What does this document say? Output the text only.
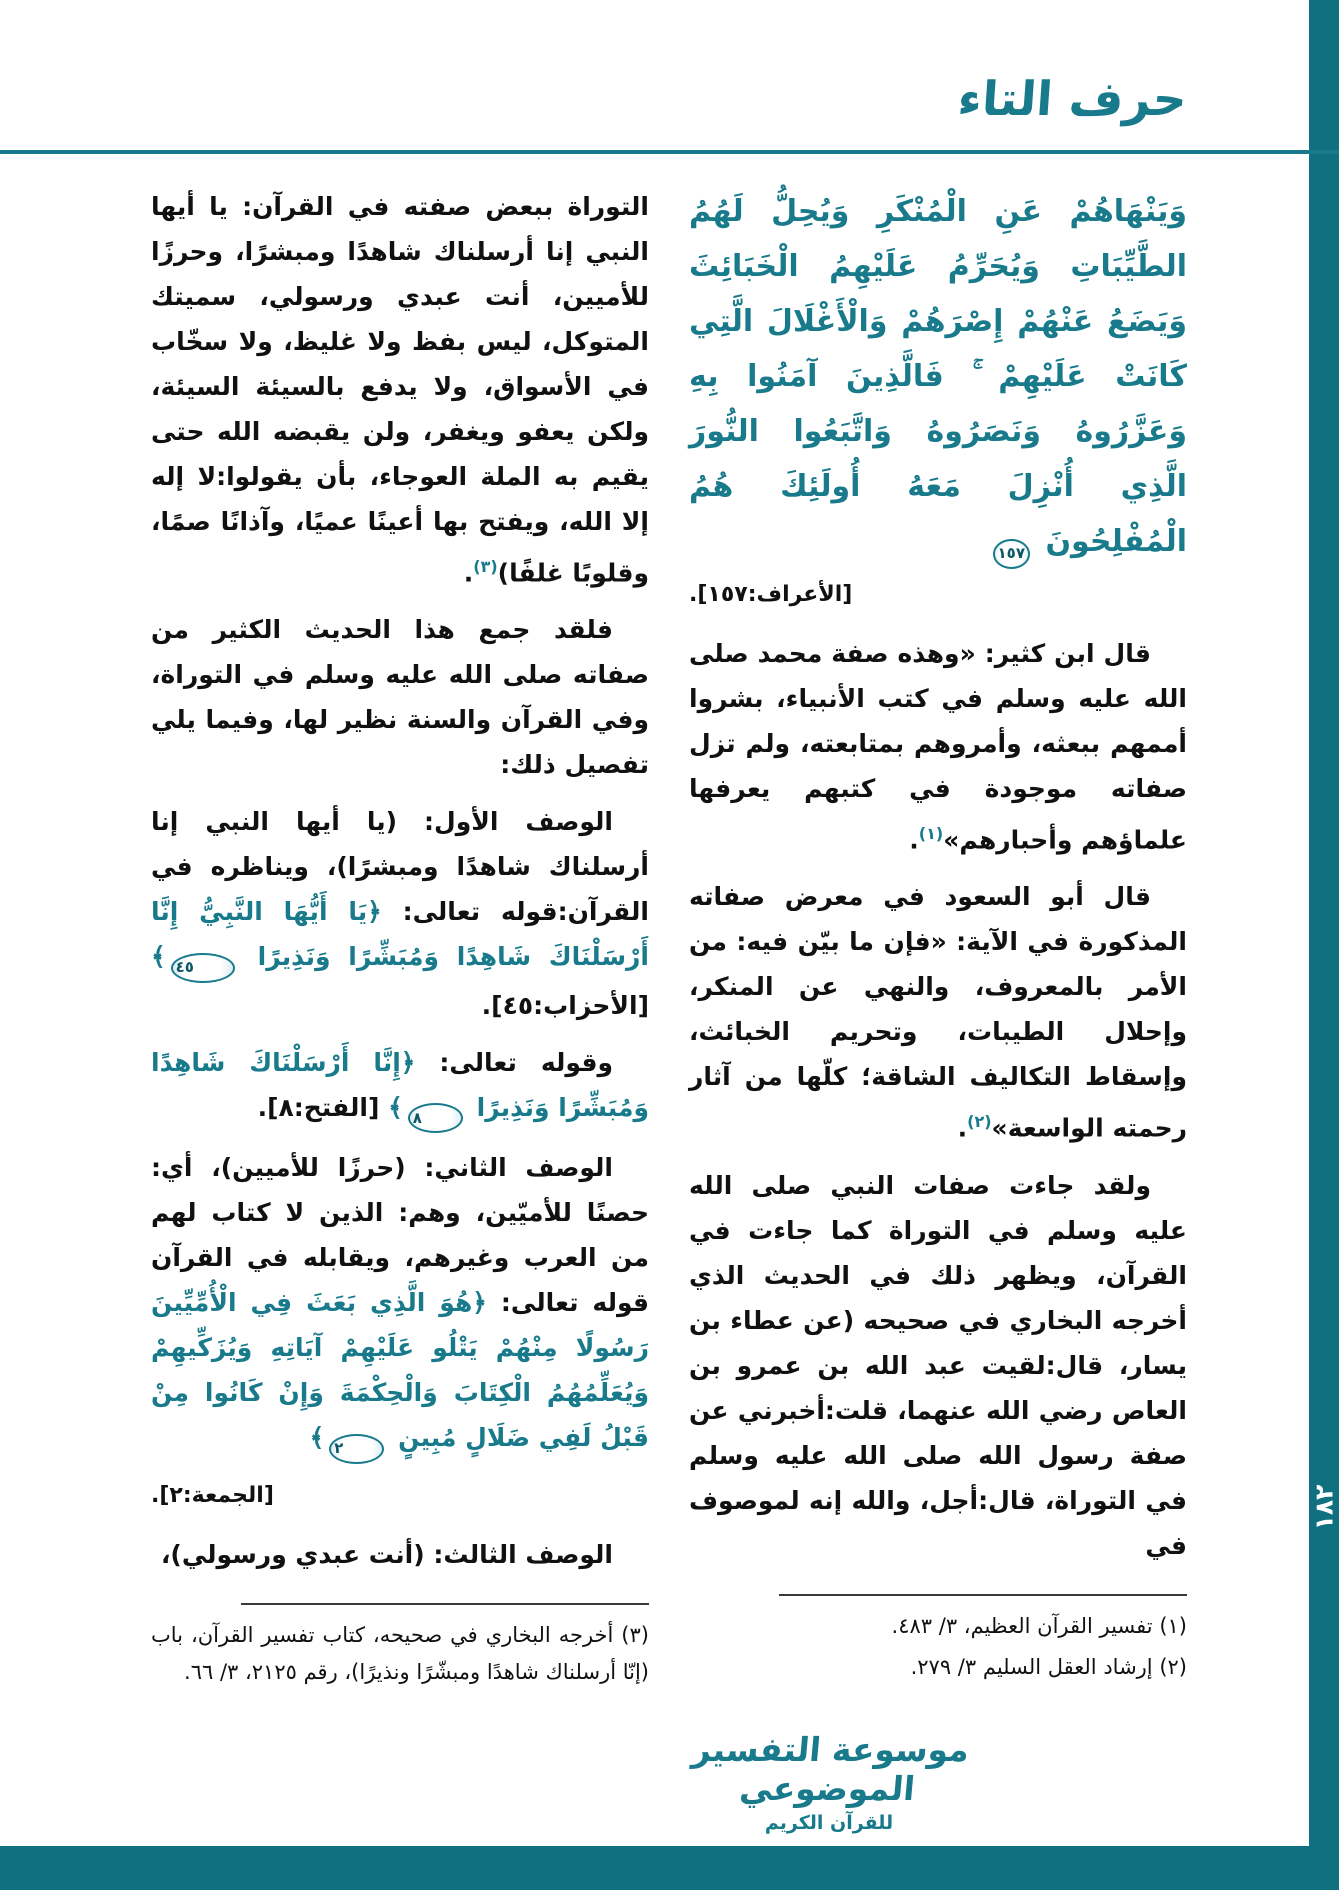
١٨٢
حرف التاء
وَيَنْهَاهُمْ عَنِ الْمُنْكَرِ وَيُحِلُّ لَهُمُ الطَّيِّبَاتِ وَيُحَرِّمُ عَلَيْهِمُ الْخَبَائِثَ وَيَضَعُ عَنْهُمْ إِصْرَهُمْ وَالْأَغْلَالَ الَّتِي كَانَتْ عَلَيْهِمْ ۚ فَالَّذِينَ آمَنُوا بِهِ وَعَزَّرُوهُ وَنَصَرُوهُ وَاتَّبَعُوا النُّورَ الَّذِي أُنْزِلَ مَعَهُ أُولَئِكَ هُمُ الْمُفْلِحُونَ ١٥٧
[الأعراف:١٥٧].

قال ابن كثير: «وهذه صفة محمد صلى الله عليه وسلم في كتب الأنبياء، بشروا أممهم ببعثه، وأمروهم بمتابعته، ولم تزل صفاته موجودة في كتبهم يعرفها علماؤهم وأحبارهم»$^{(١)}$.

قال أبو السعود في معرض صفاته المذكورة في الآية: «فإن ما بيّن فيه: من الأمر بالمعروف، والنهي عن المنكر، وإحلال الطيبات، وتحريم الخبائث، وإسقاط التكاليف الشاقة؛ كلّها من آثار رحمته الواسعة»$^{(٢)}$.

ولقد جاءت صفات النبي صلى الله عليه وسلم في التوراة كما جاءت في القرآن، ويظهر ذلك في الحديث الذي أخرجه البخاري في صحيحه (عن عطاء بن يسار، قال:لقيت عبد الله بن عمرو بن العاص رضي الله عنهما، قلت:أخبرني عن صفة رسول الله صلى الله عليه وسلم في التوراة، قال:أجل، والله إنه لموصوف في

(١) تفسير القرآن العظيم، ٣/ ٤٨٣.

(٢) إرشاد العقل السليم ٣/ ٢٧٩.

التوراة ببعض صفته في القرآن: يا أيها النبي إنا أرسلناك شاهدًا ومبشرًا، وحرزًا للأميين، أنت عبدي ورسولي، سميتك المتوكل، ليس بفظ ولا غليظ، ولا سخّاب في الأسواق، ولا يدفع بالسيئة السيئة، ولكن يعفو ويغفر، ولن يقبضه الله حتى يقيم به الملة العوجاء، بأن يقولوا:لا إله إلا الله، ويفتح بها أعينًا عميًا، وآذانًا صمًا، وقلوبًا غلفًا)$^{(٣)}$.

فلقد جمع هذا الحديث الكثير من صفاته صلى الله عليه وسلم في التوراة، وفي القرآن والسنة نظير لها، وفيما يلي تفصيل ذلك:

الوصف الأول: (يا أيها النبي إنا أرسلناك شاهدًا ومبشرًا)، ويناظره في القرآن:قوله تعالى: ﴿يَا أَيُّهَا النَّبِيُّ إِنَّا أَرْسَلْنَاكَ شَاهِدًا وَمُبَشِّرًا وَنَذِيرًا ٤٥﴾ [الأحزاب:٤٥].

وقوله تعالى: ﴿إِنَّا أَرْسَلْنَاكَ شَاهِدًا وَمُبَشِّرًا وَنَذِيرًا ٨﴾ [الفتح:٨].

الوصف الثاني: (حرزًا للأميين)، أي: حصنًا للأميّين، وهم: الذين لا كتاب لهم من العرب وغيرهم، ويقابله في القرآن قوله تعالى: ﴿هُوَ الَّذِي بَعَثَ فِي الْأُمِّيِّينَ رَسُولًا مِنْهُمْ يَتْلُو عَلَيْهِمْ آيَاتِهِ وَيُزَكِّيهِمْ وَيُعَلِّمُهُمُ الْكِتَابَ وَالْحِكْمَةَ وَإِنْ كَانُوا مِنْ قَبْلُ لَفِي ضَلَالٍ مُبِينٍ ٢﴾

[الجمعة:٢].

الوصف الثالث: (أنت عبدي ورسولي)،

(٣) أخرجه البخاري في صحيحه، كتاب تفسير القرآن، باب (إنّا أرسلناك شاهدًا ومبشّرًا ونذيرًا)، رقم ٢١٢٥، ٣/ ٦٦.

موسوعة التفسير الموضوعي
للقرآن الكريم
